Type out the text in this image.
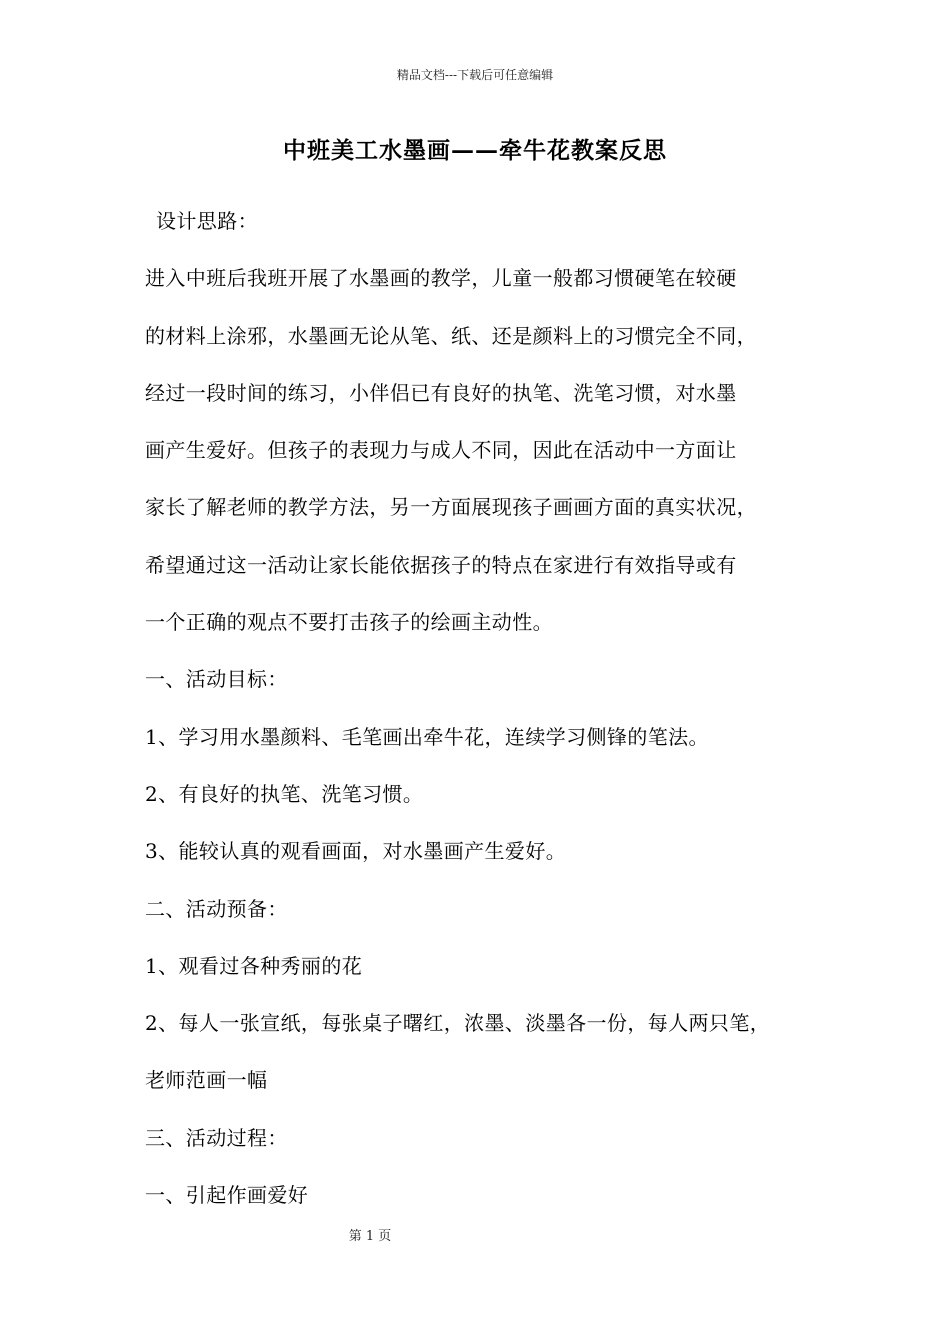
精品文档---下载后可任意编辑
中班美工水墨画——牵牛花教案反思
设计思路：
进入中班后我班开展了水墨画的教学，儿童一般都习惯硬笔在较硬
的材料上涂邪，水墨画无论从笔、纸、还是颜料上的习惯完全不同，
经过一段时间的练习，小伴侣已有良好的执笔、洗笔习惯，对水墨
画产生爱好。但孩子的表现力与成人不同，因此在活动中一方面让
家长了解老师的教学方法，另一方面展现孩子画画方面的真实状况，
希望通过这一活动让家长能依据孩子的特点在家进行有效指导或有
一个正确的观点不要打击孩子的绘画主动性。
一、活动目标：
1、学习用水墨颜料、毛笔画出牵牛花，连续学习侧锋的笔法。
2、有良好的执笔、洗笔习惯。
3、能较认真的观看画面，对水墨画产生爱好。
二、活动预备：
1、观看过各种秀丽的花
2、每人一张宣纸，每张桌子曙红，浓墨、淡墨各一份，每人两只笔，
老师范画一幅
三、活动过程：
一、引起作画爱好
第 1 页
